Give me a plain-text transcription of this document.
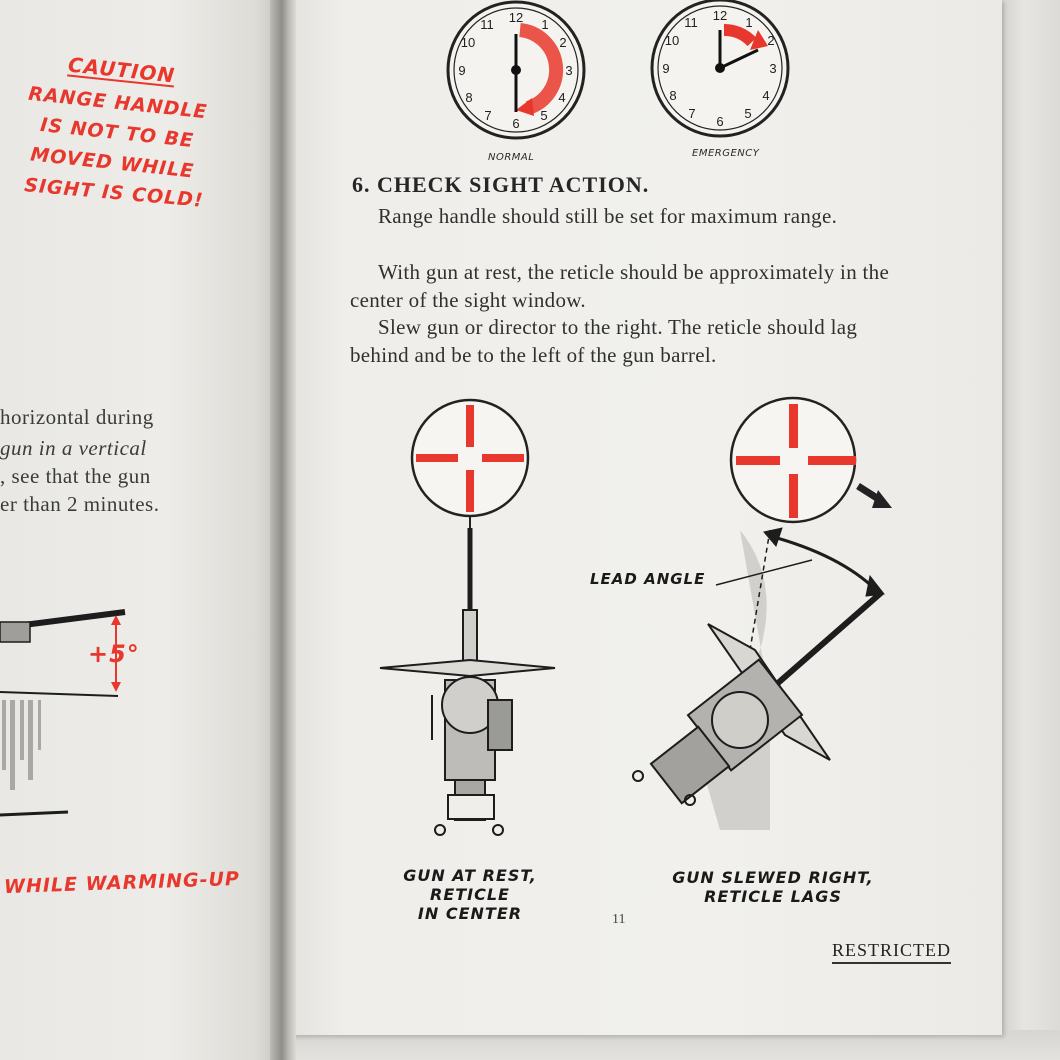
12 1
2
3
4
5
6
7
8
9
10
11
12 1
2
3
4
5
6
7
8
9
10
11
CAUTION
RANGE HANDLE
IS NOT TO BE
MOVED WHILE
SIGHT IS COLD!
horizontal during
gun in a vertical
, see that the gun
er than 2 minutes.
+5°
WHILE WARMING-UP
NORMAL	EMERGENCY
6. CHECK SIGHT ACTION.
Range handle should still be set for maximum range.
With gun at rest, the reticle should be approximately in the center of the sight window.
Slew gun or director to the right. The reticle should lag behind and be to the left of the gun barrel.
LEAD ANGLE
GUN AT REST, RETICLE
IN CENTER
GUN SLEWED RIGHT,
RETICLE LAGS
11
RESTRICTED
